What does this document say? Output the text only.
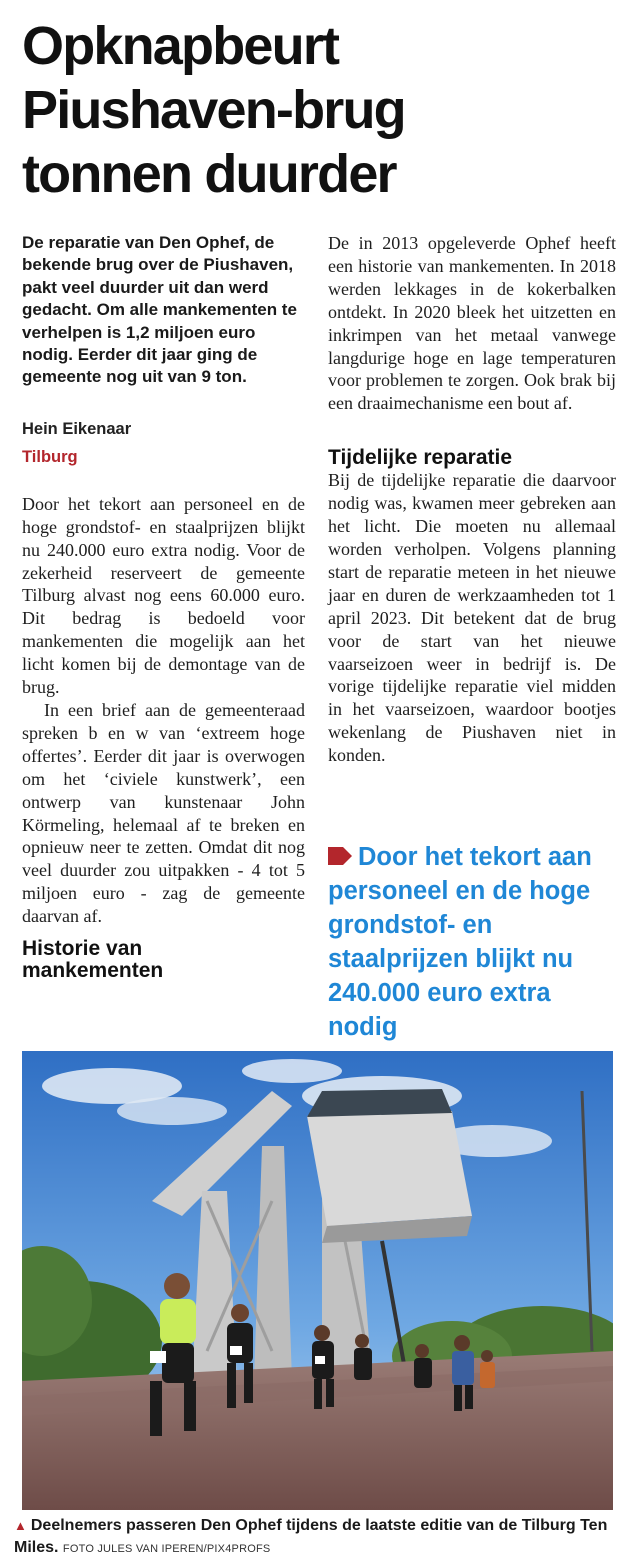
Opknapbeurt
Piushaven-brug
tonnen duurder

De reparatie van Den Ophef, de bekende brug over de Piushaven, pakt veel duurder uit dan werd gedacht. Om alle mankementen te verhelpen is 1,2 miljoen euro nodig. Eerder dit jaar ging de gemeente nog uit van 9 ton.

Hein Eikenaar
Tilburg

Door het tekort aan personeel en de hoge grondstof- en staalprijzen blijkt nu 240.000 euro extra nodig. Voor de zekerheid reserveert de gemeente Tilburg alvast nog eens 60.000 euro. Dit bedrag is bedoeld voor mankementen die mogelijk aan het licht komen bij de demontage van de brug.

In een brief aan de gemeenteraad spreken b en w van ‘extreem hoge offertes’. Eerder dit jaar is overwogen om het ‘civiele kunstwerk’, een ontwerp van kunstenaar John Körmeling, helemaal af te breken en opnieuw neer te zetten. Omdat dit nog veel duurder zou uitpakken - 4 tot 5 miljoen euro - zag de gemeente daarvan af.

Historie van mankementen

De in 2013 opgeleverde Ophef heeft een historie van mankementen. In 2018 werden lekkages in de kokerbalken ontdekt. In 2020 bleek het uitzetten en inkrimpen van het metaal vanwege langdurige hoge en lage temperaturen voor problemen te zorgen. Ook brak bij een draaimechanisme een bout af.

Tijdelijke reparatie

Bij de tijdelijke reparatie die daarvoor nodig was, kwamen meer gebreken aan het licht. Die moeten nu allemaal worden verholpen. Volgens planning start de reparatie meteen in het nieuwe jaar en duren de werkzaamheden tot 1 april 2023. Dit betekent dat de brug voor de start van het nieuwe vaarseizoen weer in bedrijf is. De vorige tijdelijke reparatie viel midden in het vaarseizoen, waardoor bootjes wekenlang de Piushaven niet in konden.

Door het tekort aan personeel en de hoge grondstof- en staalprijzen blijkt nu 240.000 euro extra nodig
▲ Deelnemers passeren Den Ophef tijdens de laatste editie van de Tilburg Ten Miles. FOTO JULES VAN IPEREN/PIX4PROFS
